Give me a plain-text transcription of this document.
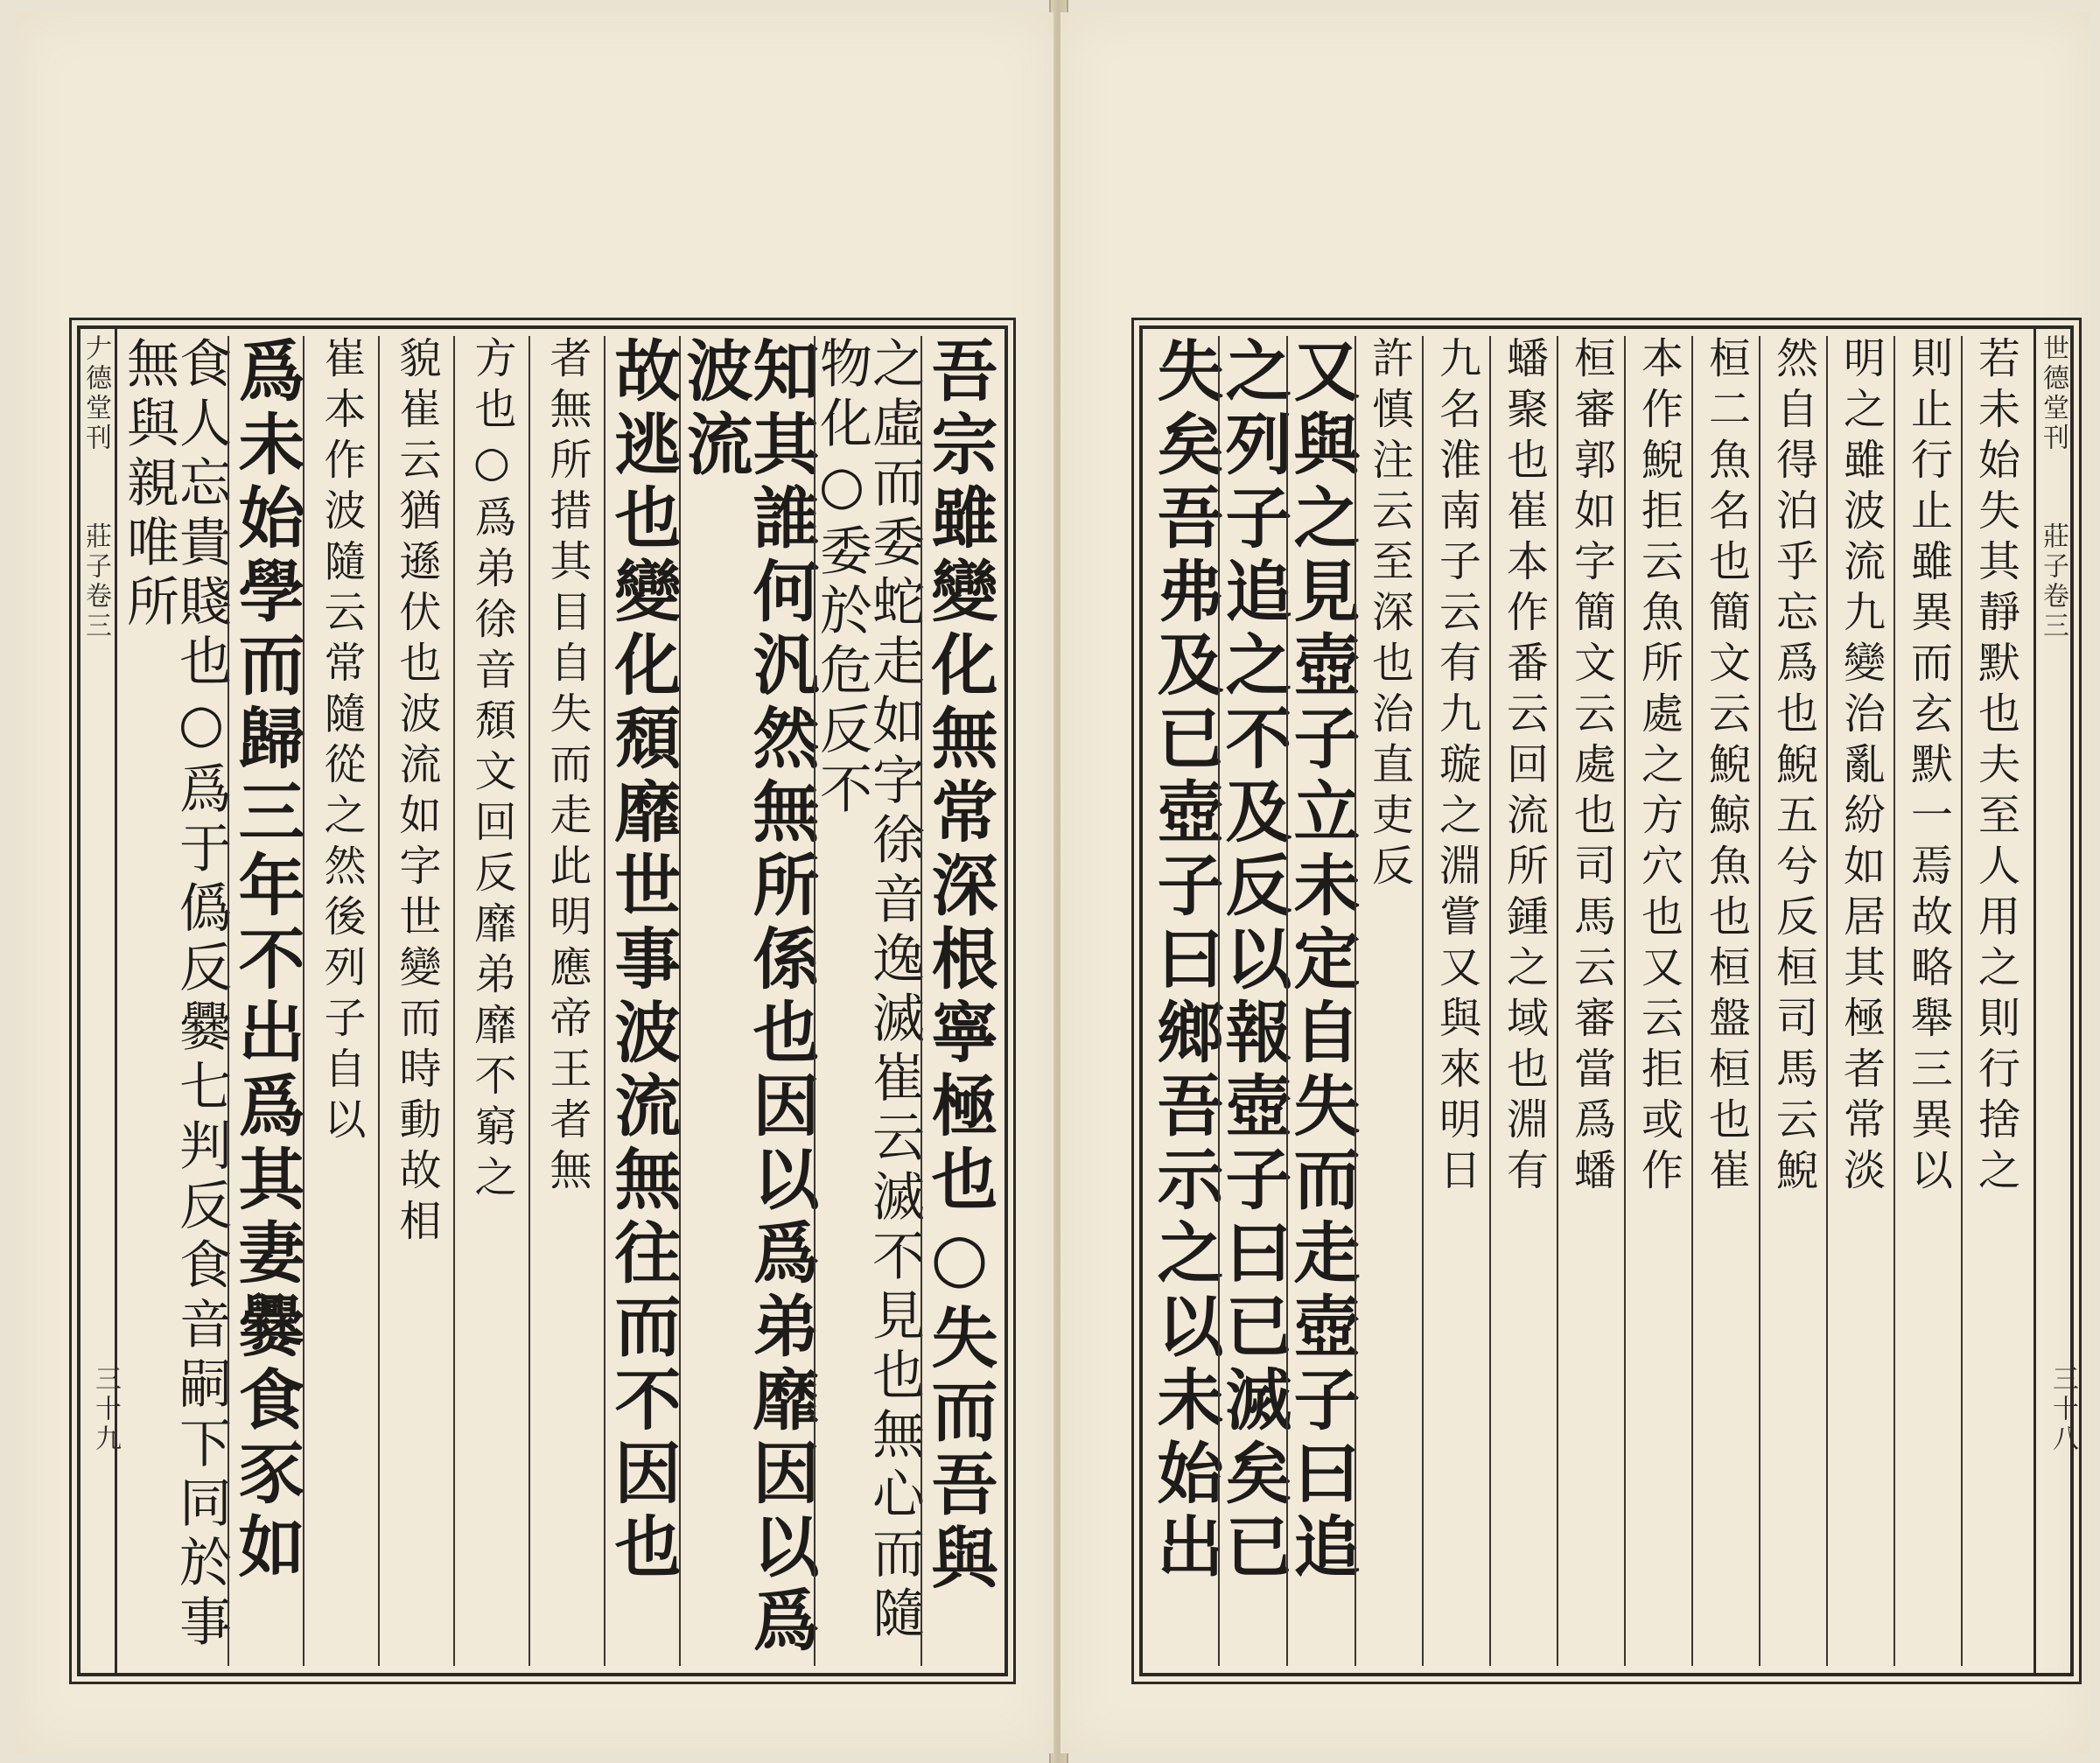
𠂇德堂刊 莊子卷三
三十九	吾宗雖變化無常深根寧極也○失而吾與
之虛而委蛇走如字徐音逸滅崔云滅不見也無心而隨物化○委於危反不
知其誰何汎然無所係也因以爲弟靡因以爲波流
故逃也變化頹靡世事波流無往而不因也
者無所措其目自失而走此明應帝王者無
方也○爲弟徐音頹文回反靡弟靡不窮之
貌崔云猶遜伏也波流如字世變而時動故相
崔本作波隨云常隨從之然後列子自以
爲未始學而歸三年不出爲其妻爨食豕如
食人忘貴賤也○爲于僞反爨七判反食音嗣下同於事無與親唯所	世德堂刊 莊子卷三
三十八
若未始失其靜默也夫至人用之則行捨之
則止行止雖異而玄默一焉故略舉三異以
明之雖波流九變治亂紛如居其極者常淡
然自得泊乎忘爲也鯢五兮反桓司馬云鯢
桓二魚名也簡文云鯢鯨魚也桓盤桓也崔
本作鯢拒云魚所處之方穴也又云拒或作
桓審郭如字簡文云處也司馬云審當爲蟠
蟠聚也崔本作番云回流所鍾之域也淵有
九名淮南子云有九璇之淵嘗又與來明日
許慎注云至深也治直吏反
又與之見壺子立未定自失而走壺子曰追
之列子追之不及反以報壺子曰已滅矣已
失矣吾弗及已壺子曰鄉吾示之以未始出
